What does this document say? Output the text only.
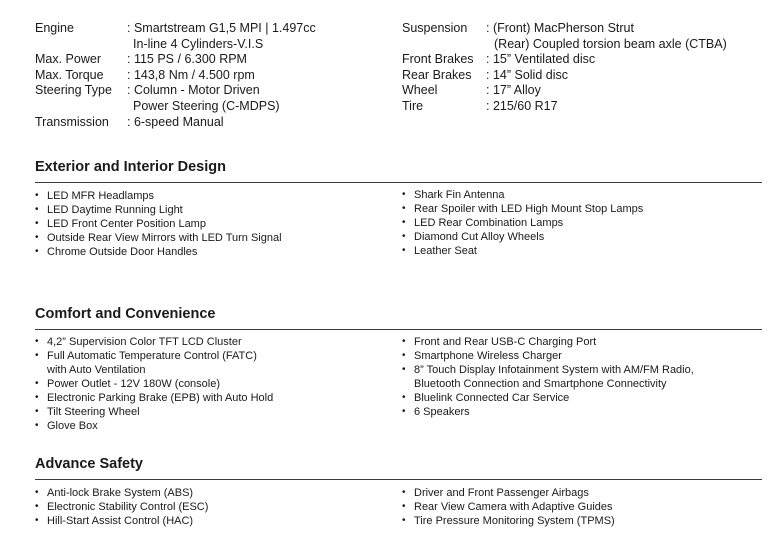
Engine	: Smartstream G1,5 MPI | 1.497cc
In-line 4 Cylinders-V.I.S
Max. Power : 115 PS / 6.300 RPM
Max. Torque : 143,8 Nm / 4.500 rpm
Steering Type : Column - Motor Driven
Power Steering (C-MDPS)
Transmission : 6-speed Manual
Suspension : (Front) MacPherson Strut
(Rear) Coupled torsion beam axle (CTBA)
Front Brakes : 15” Ventilated disc
Rear Brakes : 14” Solid disc
Wheel	: 17” Alloy
Tire	: 215/60 R17
Exterior and Interior Design
• LED MFR Headlamps
• LED Daytime Running Light
• LED Front Center Position Lamp
• Outside Rear View Mirrors with LED Turn Signal
• Chrome Outside Door Handles
• Shark Fin Antenna
• Rear Spoiler with LED High Mount Stop Lamps
• LED Rear Combination Lamps
• Diamond Cut Alloy Wheels
• Leather Seat
Comfort and Convenience
• 4,2” Supervision Color TFT LCD Cluster
• Full Automatic Temperature Control (FATC)
with Auto Ventilation
• Power Outlet - 12V 180W (console)
• Electronic Parking Brake (EPB) with Auto Hold
• Tilt Steering Wheel
• Glove Box
• Front and Rear USB-C Charging Port
• Smartphone Wireless Charger
• 8” Touch Display Infotainment System with AM/FM Radio,
Bluetooth Connection and Smartphone Connectivity
• Bluelink Connected Car Service
• 6 Speakers
Advance Safety
• Anti-lock Brake System (ABS)
• Electronic Stability Control (ESC)
• Hill-Start Assist Control (HAC)
• Driver and Front Passenger Airbags
• Rear View Camera with Adaptive Guides
• Tire Pressure Monitoring System (TPMS)
